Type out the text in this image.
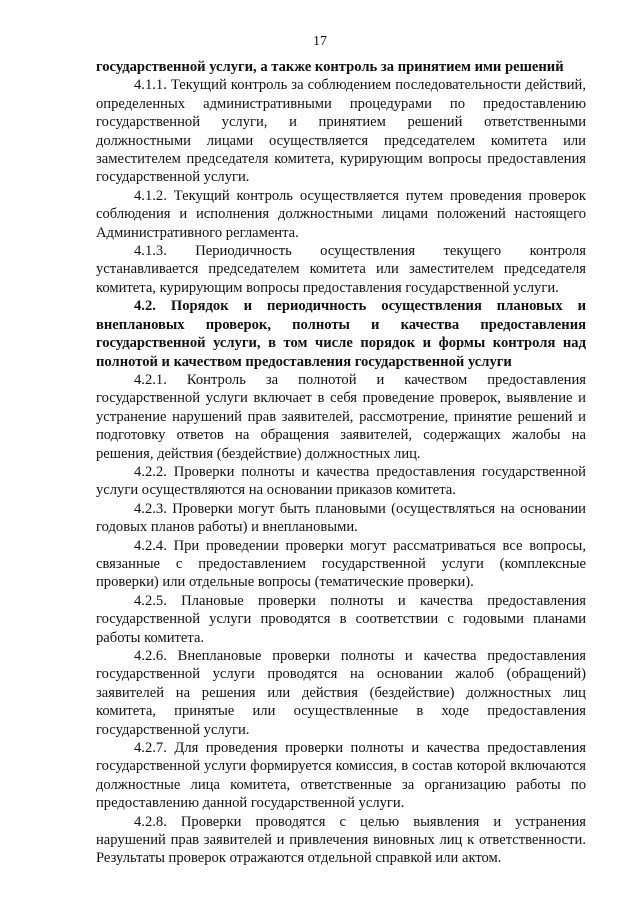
17

государственной услуги, а также контроль за принятием ими решений

4.1.1. Текущий контроль за соблюдением последовательности действий, определенных административными процедурами по предоставлению государственной услуги, и принятием решений ответственными должностными лицами осуществляется председателем комитета или заместителем председателя комитета, курирующим вопросы предоставления государственной услуги.

4.1.2. Текущий контроль осуществляется путем проведения проверок соблюдения и исполнения должностными лицами положений настоящего Административного регламента.

4.1.3. Периодичность осуществления текущего контроля устанавливается председателем комитета или заместителем председателя комитета, курирующим вопросы предоставления государственной услуги.

4.2. Порядок и периодичность осуществления плановых и внеплановых проверок, полноты и качества предоставления государственной услуги, в том числе порядок и формы контроля над полнотой и качеством предоставления государственной услуги

4.2.1. Контроль за полнотой и качеством предоставления государственной услуги включает в себя проведение проверок, выявление и устранение нарушений прав заявителей, рассмотрение, принятие решений и подготовку ответов на обращения заявителей, содержащих жалобы на решения, действия (бездействие) должностных лиц.

4.2.2. Проверки полноты и качества предоставления государственной услуги осуществляются на основании приказов комитета.

4.2.3. Проверки могут быть плановыми (осуществляться на основании годовых планов работы) и внеплановыми.

4.2.4. При проведении проверки могут рассматриваться все вопросы, связанные с предоставлением государственной услуги (комплексные проверки) или отдельные вопросы (тематические проверки).

4.2.5. Плановые проверки полноты и качества предоставления государственной услуги проводятся в соответствии с годовыми планами работы комитета.

4.2.6. Внеплановые проверки полноты и качества предоставления государственной услуги проводятся на основании жалоб (обращений) заявителей на решения или действия (бездействие) должностных лиц комитета, принятые или осуществленные в ходе предоставления государственной услуги.

4.2.7. Для проведения проверки полноты и качества предоставления государственной услуги формируется комиссия, в состав которой включаются должностные лица комитета, ответственные за организацию работы по предоставлению данной государственной услуги.

4.2.8. Проверки проводятся с целью выявления и устранения нарушений прав заявителей и привлечения виновных лиц к ответственности. Результаты проверок отражаются отдельной справкой или актом.
